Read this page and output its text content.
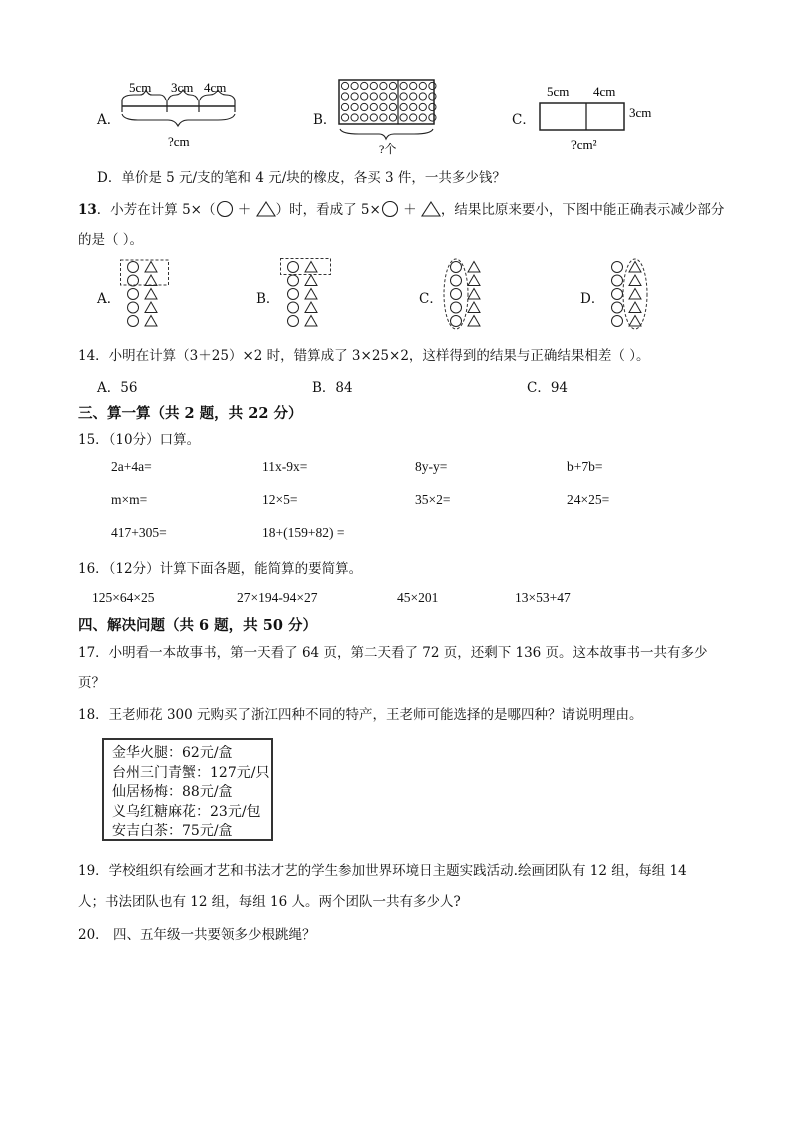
A．
5cm 3cm 4cm
?cm
B．
?个
C．
5cm 4cm
3cm
?cm²
D．单价是 5 元/支的笔和 4 元/块的橡皮，各买 3 件，一共多少钱？
13．小芳在计算 5×（ ＋ ）时，看成了 5× ＋ ，结果比原来要小，下图中能正确表示减少部分
的是（ ）。
A．	B．	C．	D．
14．小明在计算（3＋25）×2 时，错算成了 3×25×2，这样得到的结果与正确结果相差（ ）。
A．56	B．84	C．94
三、算一算（共 2 题，共 22 分）
15．（10分）口算。
2a+4a=	11x-9x=	8y-y=	b+7b=
m×m=	12×5=	35×2=	24×25=
417+305=	18+(159+82) =
16．（12分）计算下面各题，能简算的要简算。
125×64×25	27×194-94×27	45×201	13×53+47
四、解决问题（共 6 题，共 50 分）
17．小明看一本故事书，第一天看了 64 页，第二天看了 72 页，还剩下 136 页。这本故事书一共有多少
页？
18．王老师花 300 元购买了浙江四种不同的特产，王老师可能选择的是哪四种？请说明理由。
金华火腿：62元/盒
台州三门青蟹：127元/只
仙居杨梅：88元/盒
义乌红糖麻花：23元/包
安吉白茶：75元/盒
19．学校组织有绘画才艺和书法才艺的学生参加世界环境日主题实践活动.绘画团队有 12 组，每组 14
人；书法团队也有 12 组，每组 16 人。两个团队一共有多少人?
20． 四、五年级一共要领多少根跳绳？
